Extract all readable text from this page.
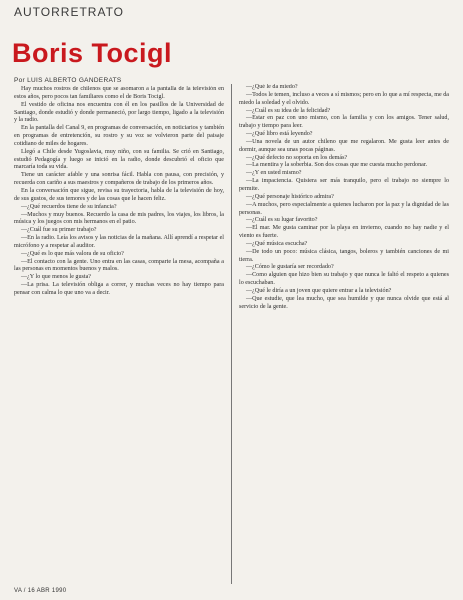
AUTORRETRATO
Boris Tocigl
Por LUIS ALBERTO GANDERATS

Hay muchos rostros de chilenos que se asomaron a la pantalla de la televisión en estos años, pero pocos tan familiares como el de Boris Tocigl.

El vestido de oficina nos encuentra con él en los pasillos de la Universidad de Santiago, donde estudió y donde permaneció, por largo tiempo, ligado a la televisión y la radio.

En la pantalla del Canal 9, en programas de conversación, en noticiarios y también en programas de entretención, su rostro y su voz se volvieron parte del paisaje cotidiano de miles de hogares.

Llegó a Chile desde Yugoslavia, muy niño, con su familia. Se crió en Santiago, estudió Pedagogía y luego se inició en la radio, donde descubrió el oficio que marcaría toda su vida.

Tiene un carácter afable y una sonrisa fácil. Habla con pausa, con precisión, y recuerda con cariño a sus maestros y compañeros de trabajo de los primeros años.

En la conversación que sigue, revisa su trayectoria, habla de la televisión de hoy, de sus gustos, de sus temores y de las cosas que le hacen feliz.

—¿Qué recuerdos tiene de su infancia?

—Muchos y muy buenos. Recuerdo la casa de mis padres, los viajes, los libros, la música y los juegos con mis hermanos en el patio.

—¿Cuál fue su primer trabajo?

—En la radio. Leía los avisos y las noticias de la mañana. Allí aprendí a respetar el micrófono y a respetar al auditor.

—¿Qué es lo que más valora de su oficio?

—El contacto con la gente. Uno entra en las casas, comparte la mesa, acompaña a las personas en momentos buenos y malos.

—¿Y lo que menos le gusta?

—La prisa. La televisión obliga a correr, y muchas veces no hay tiempo para pensar con calma lo que uno va a decir.

—¿Qué le da miedo?

—Todos le temen, incluso a veces a sí mismos; pero en lo que a mí respecta, me da miedo la soledad y el olvido.

—¿Cuál es su idea de la felicidad?

—Estar en paz con uno mismo, con la familia y con los amigos. Tener salud, trabajo y tiempo para leer.

—¿Qué libro está leyendo?

—Una novela de un autor chileno que me regalaron. Me gusta leer antes de dormir, aunque sea unas pocas páginas.

—¿Qué defecto no soporta en los demás?

—La mentira y la soberbia. Son dos cosas que me cuesta mucho perdonar.

—¿Y en usted mismo?

—La impaciencia. Quisiera ser más tranquilo, pero el trabajo no siempre lo permite.

—¿Qué personaje histórico admira?

—A muchos, pero especialmente a quienes lucharon por la paz y la dignidad de las personas.

—¿Cuál es su lugar favorito?

—El mar. Me gusta caminar por la playa en invierno, cuando no hay nadie y el viento es fuerte.

—¿Qué música escucha?

—De todo un poco: música clásica, tangos, boleros y también canciones de mi tierra.

—¿Cómo le gustaría ser recordado?

—Como alguien que hizo bien su trabajo y que nunca le faltó el respeto a quienes lo escuchaban.

—¿Qué le diría a un joven que quiere entrar a la televisión?

—Que estudie, que lea mucho, que sea humilde y que nunca olvide que está al servicio de la gente.

VA / 16 ABR 1990
